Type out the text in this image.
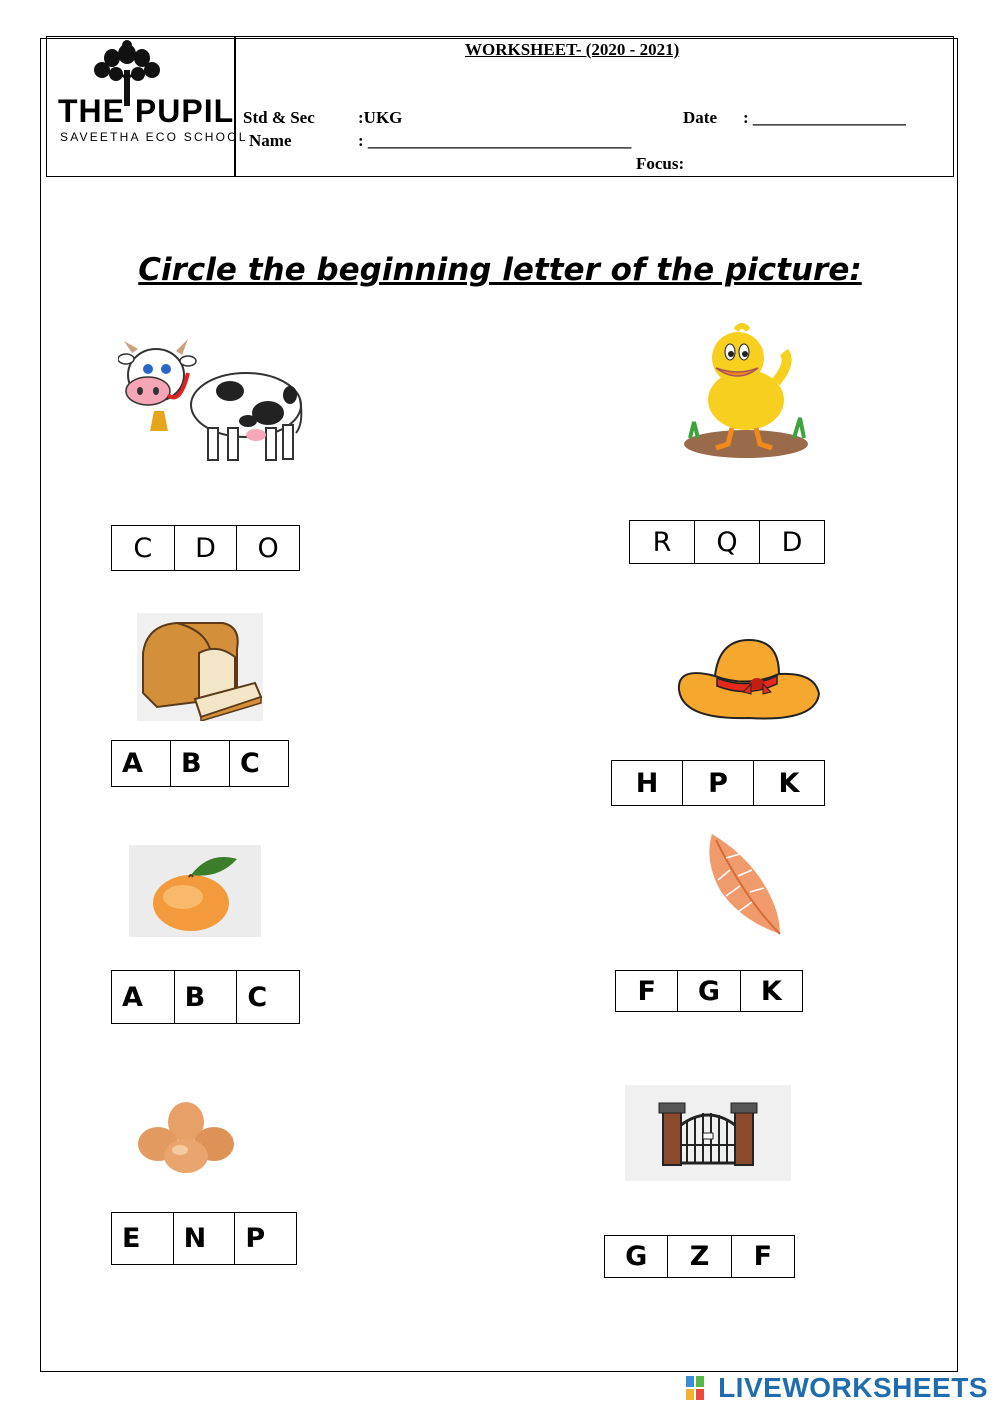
THE PUPIL
SAVEETHA ECO SCHOOL
WORKSHEET- (2020 - 2021)
Std & Sec	:UKG
Name	: _______________________________
Date : __________________
Focus:
Circle the beginning letter of the picture:
C	D	O	R	Q	D
A	B	C
H	P	K
A	B	C	F	G	K
E	N	P
G	Z	F
LIVEWORKSHEETS
